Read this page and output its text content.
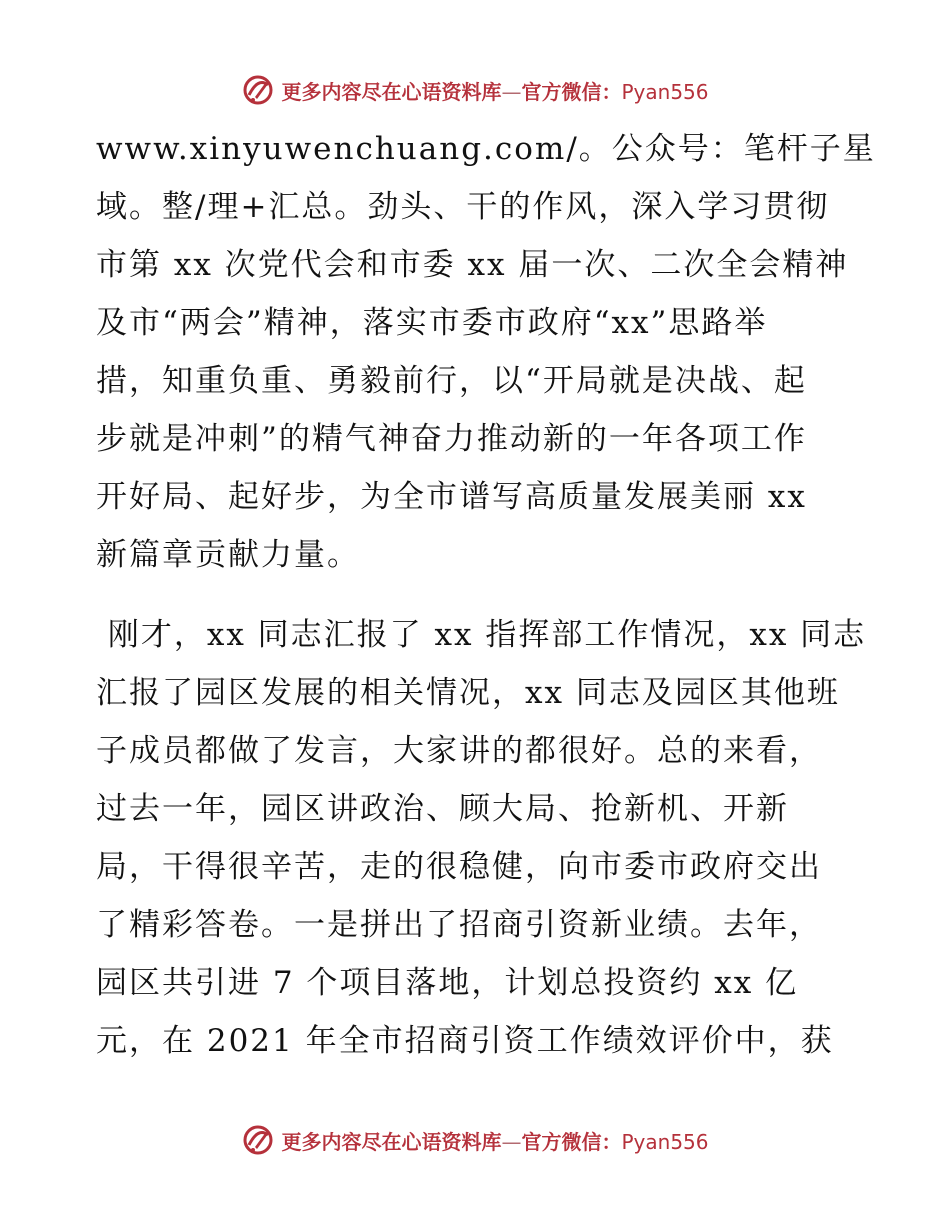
更多内容尽在心语资料库—官方微信：Pyan556
www.xinyuwenchuang.com/。公众号：笔杆子星
域。整/理+汇总。劲头、干的作风，深入学习贯彻
市第 xx 次党代会和市委 xx 届一次、二次全会精神
及市“两会”精神，落实市委市政府“xx”思路举
措，知重负重、勇毅前行，以“开局就是决战、起
步就是冲刺”的精气神奋力推动新的一年各项工作
开好局、起好步，为全市谱写高质量发展美丽 xx
新篇章贡献力量。
刚才，xx 同志汇报了 xx 指挥部工作情况，xx 同志
汇报了园区发展的相关情况，xx 同志及园区其他班
子成员都做了发言，大家讲的都很好。总的来看，
过去一年，园区讲政治、顾大局、抢新机、开新
局，干得很辛苦，走的很稳健，向市委市政府交出
了精彩答卷。一是拼出了招商引资新业绩。去年，
园区共引进 7 个项目落地，计划总投资约 xx 亿
元，在 2021 年全市招商引资工作绩效评价中，获
更多内容尽在心语资料库—官方微信：Pyan556
